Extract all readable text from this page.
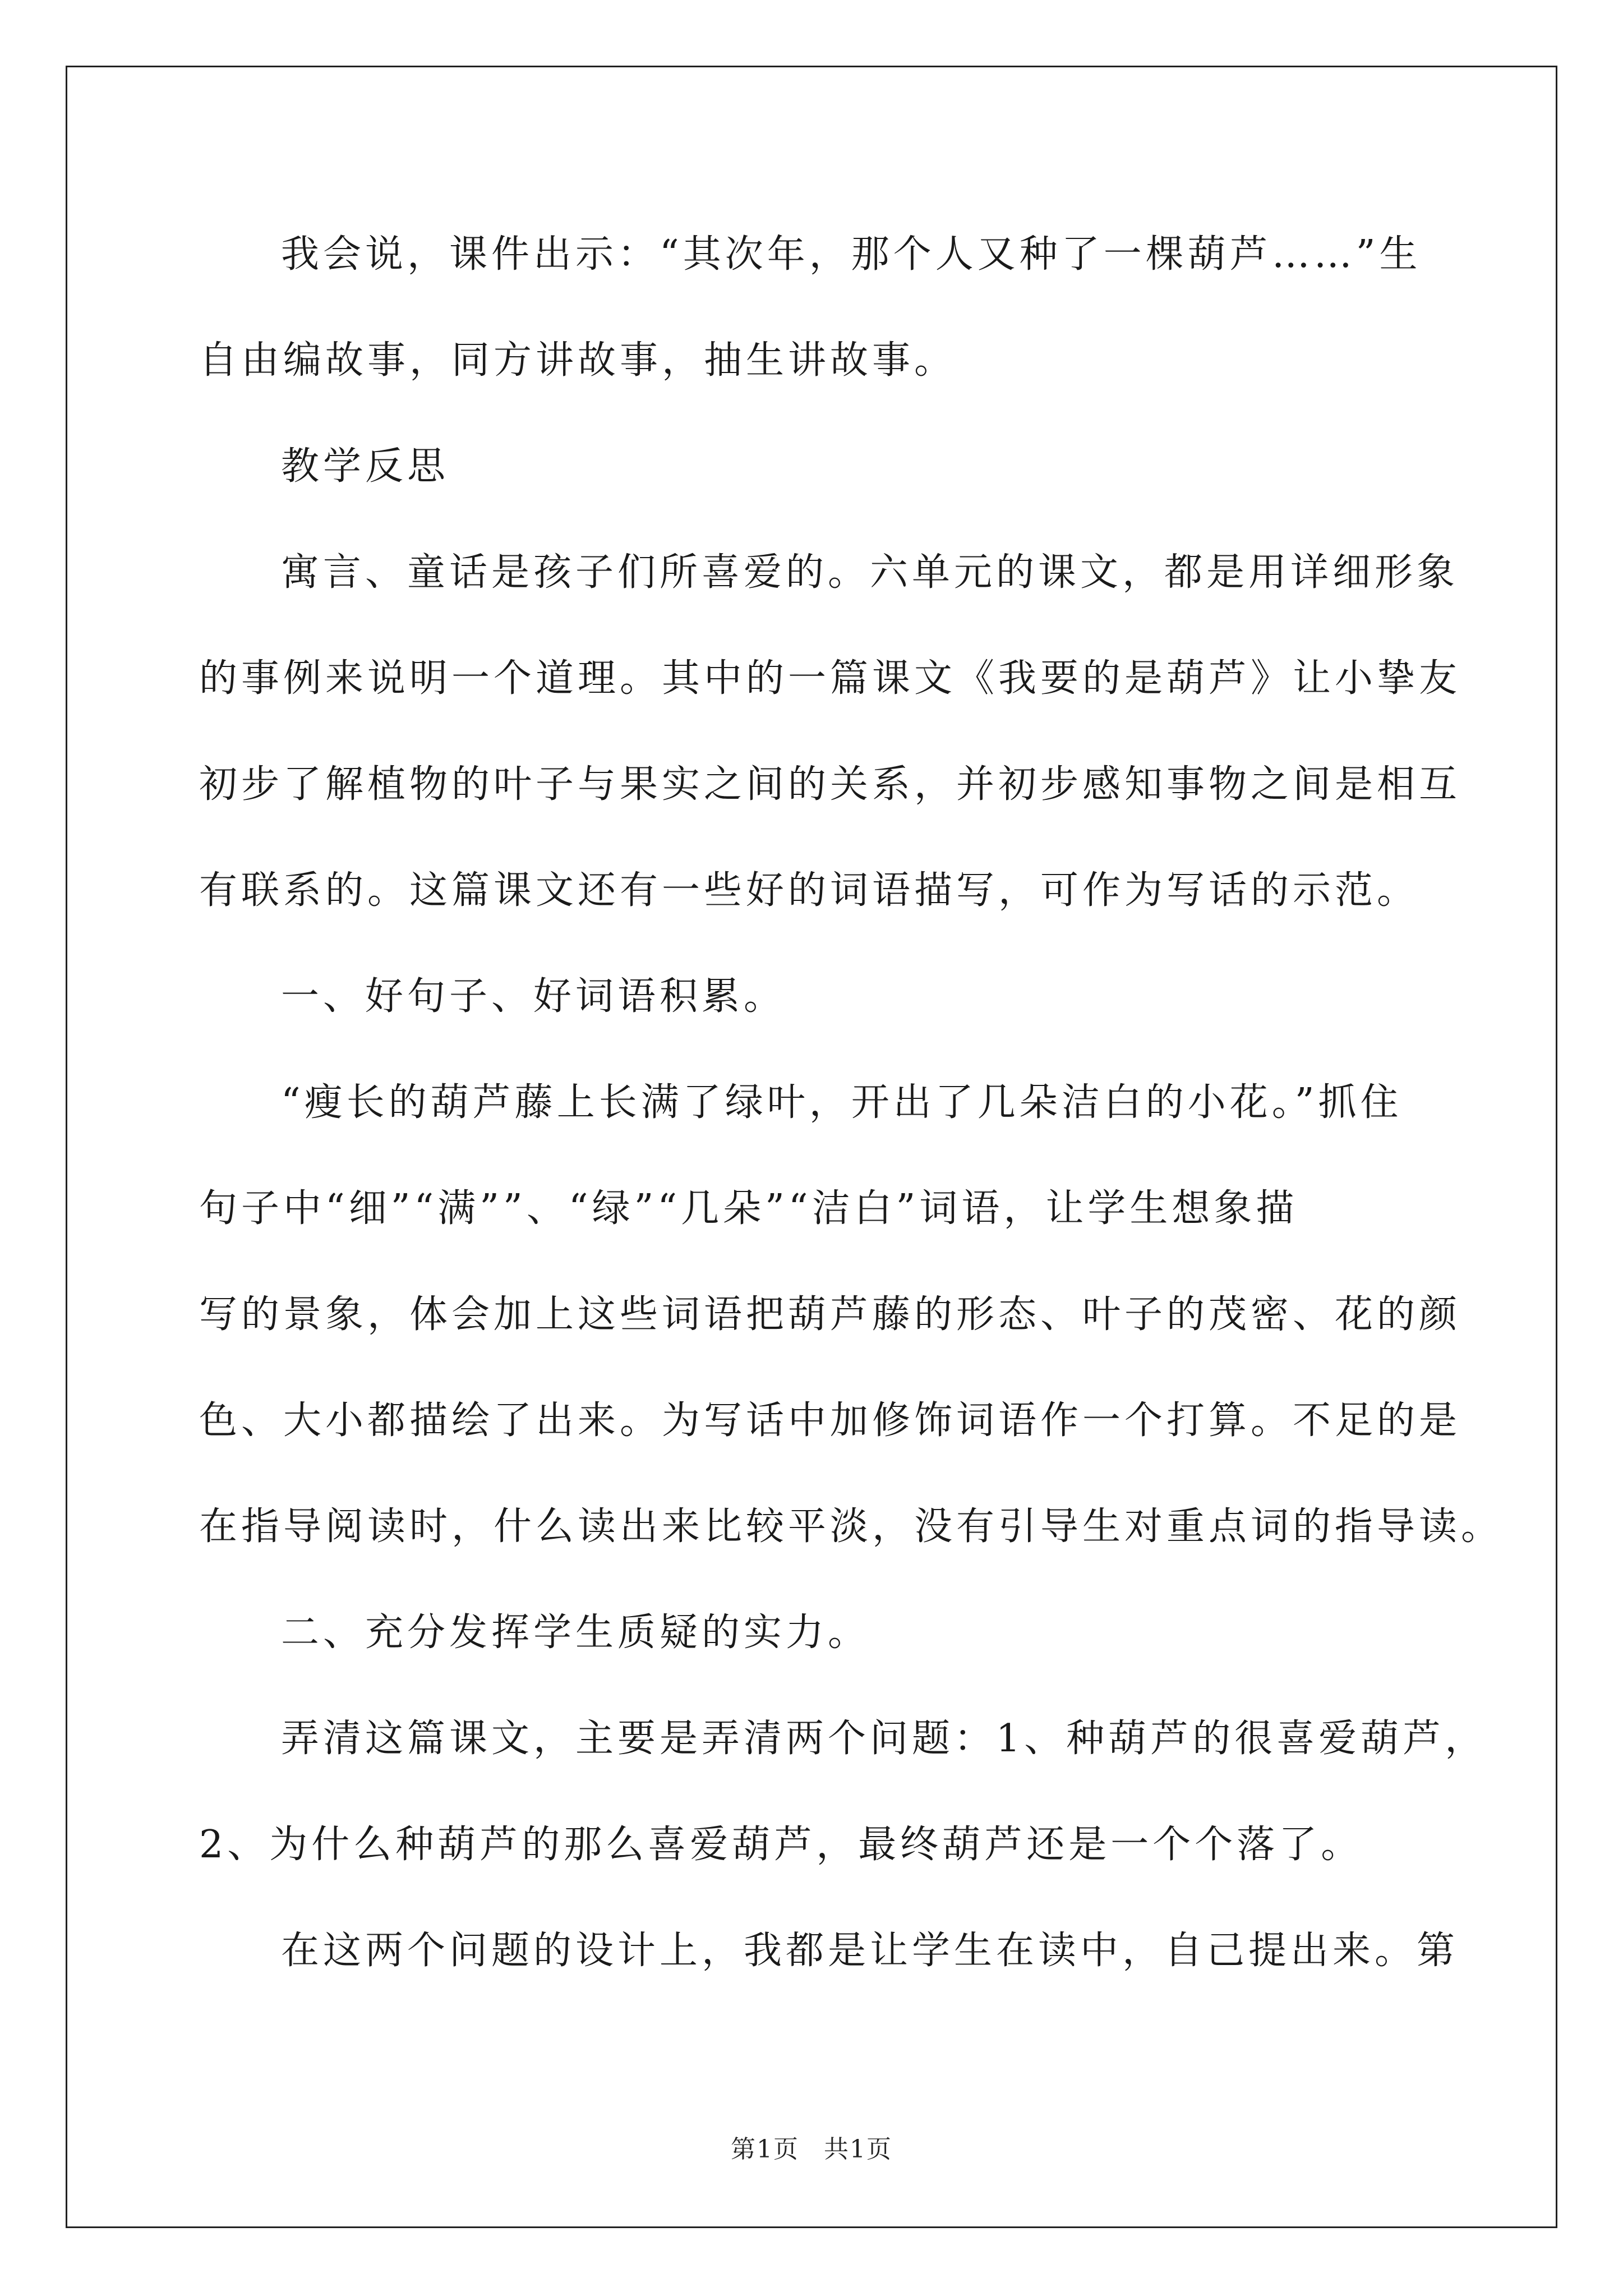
我会说，课件出示：“其次年，那个人又种了一棵葫芦……”生
自由编故事，同方讲故事，抽生讲故事。
教学反思
寓言、童话是孩子们所喜爱的。六单元的课文，都是用详细形象
的事例来说明一个道理。其中的一篇课文《我要的是葫芦》让小挚友
初步了解植物的叶子与果实之间的关系，并初步感知事物之间是相互
有联系的。这篇课文还有一些好的词语描写，可作为写话的示范。
一、好句子、好词语积累。
“瘦长的葫芦藤上长满了绿叶，开出了几朵洁白的小花。”抓住
句子中“细”“满””、“绿”“几朵”“洁白”词语，让学生想象描
写的景象，体会加上这些词语把葫芦藤的形态、叶子的茂密、花的颜
色、大小都描绘了出来。为写话中加修饰词语作一个打算。不足的是
在指导阅读时，什么读出来比较平淡，没有引导生对重点词的指导读。
二、充分发挥学生质疑的实力。
弄清这篇课文，主要是弄清两个问题：1、种葫芦的很喜爱葫芦，
2、为什么种葫芦的那么喜爱葫芦，最终葫芦还是一个个落了。
在这两个问题的设计上，我都是让学生在读中，自己提出来。第
第1页 共1页
